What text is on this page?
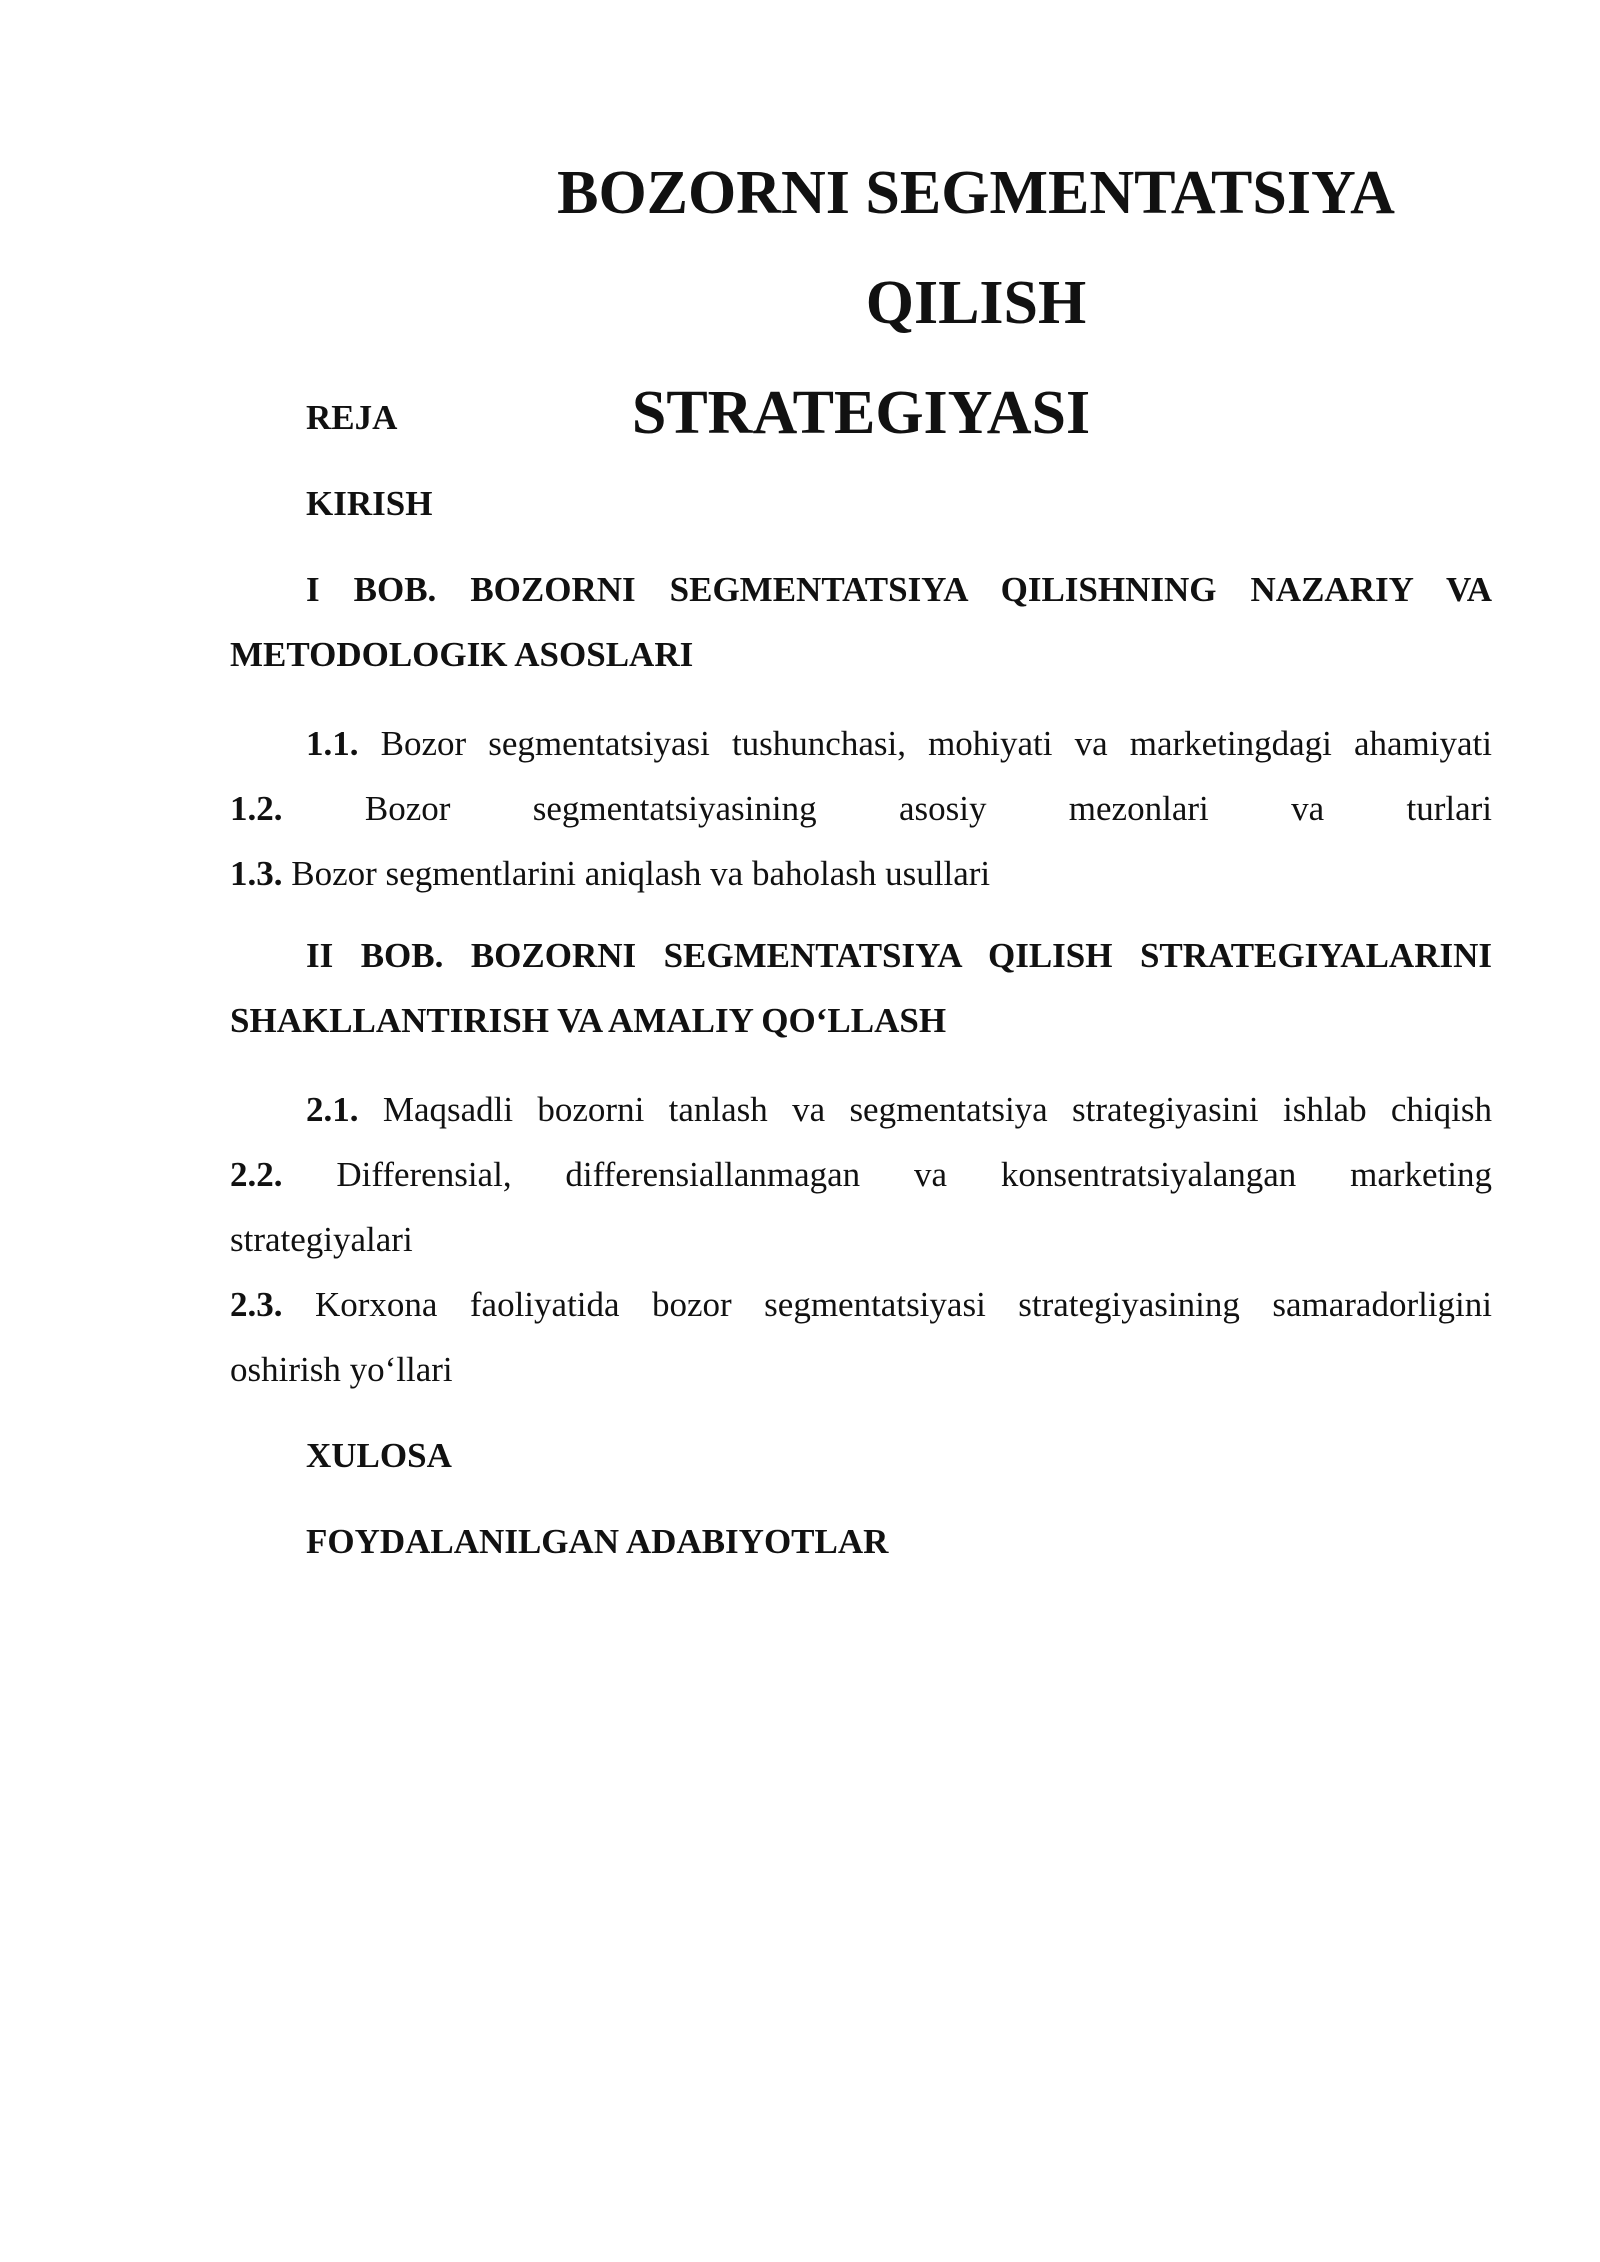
BOZORNI SEGMENTATSIYA QILISH
STRATEGIYASI
REJA
KIRISH
I BOB. BOZORNI SEGMENTATSIYA QILISHNING NAZARIY VA
METODOLOGIK ASOSLARI
1.1. Bozor segmentatsiyasi tushunchasi, mohiyati va marketingdagi ahamiyati
1.2. Bozor segmentatsiyasining asosiy mezonlari va turlari
1.3. Bozor segmentlarini aniqlash va baholash usullari
II BOB. BOZORNI SEGMENTATSIYA QILISH STRATEGIYALARINI
SHAKLLANTIRISH VA AMALIY QO‘LLASH
2.1. Maqsadli bozorni tanlash va segmentatsiya strategiyasini ishlab chiqish
2.2. Differensial, differensiallanmagan va konsentratsiyalangan marketing
strategiyalari
2.3. Korxona faoliyatida bozor segmentatsiyasi strategiyasining samaradorligini
oshirish yo‘llari
XULOSA
FOYDALANILGAN ADABIYOTLAR
